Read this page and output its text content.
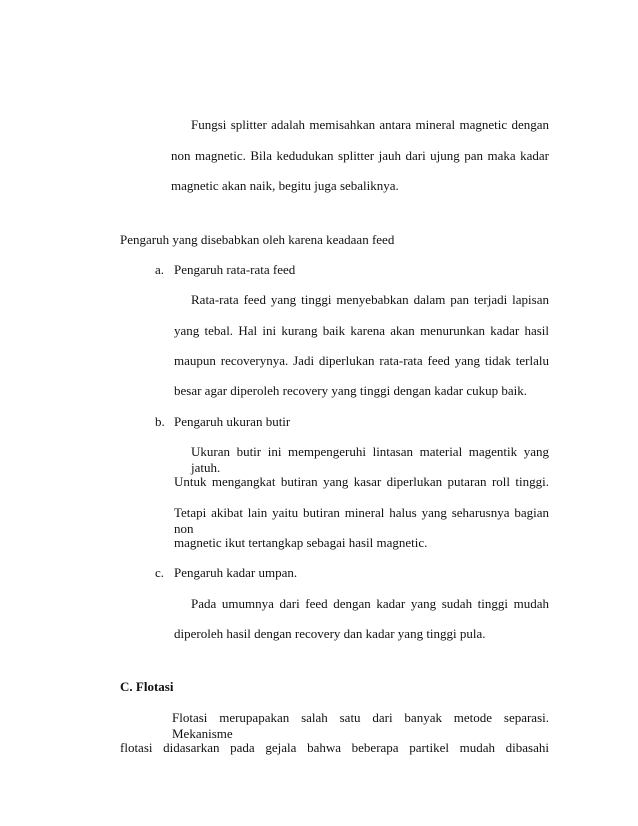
Fungsi splitter adalah memisahkan antara mineral magnetic dengan
non magnetic. Bila kedudukan splitter jauh dari ujung pan maka kadar
magnetic akan naik, begitu juga sebaliknya.
Pengaruh yang disebabkan oleh karena keadaan feed
a. Pengaruh rata-rata feed
Rata-rata feed yang tinggi menyebabkan dalam pan terjadi lapisan
yang tebal. Hal ini kurang baik karena akan menurunkan kadar hasil
maupun recoverynya. Jadi diperlukan rata-rata feed yang tidak terlalu
besar agar diperoleh recovery yang tinggi dengan kadar cukup baik.
b. Pengaruh ukuran butir
Ukuran butir ini mempengeruhi lintasan material magentik yang jatuh.
Untuk mengangkat butiran yang kasar diperlukan putaran roll tinggi.
Tetapi akibat lain yaitu butiran mineral halus yang seharusnya bagian non
magnetic ikut tertangkap sebagai hasil magnetic.
c. Pengaruh kadar umpan.
Pada umumnya dari feed dengan kadar yang sudah tinggi mudah
diperoleh hasil dengan recovery dan kadar yang tinggi pula.
C. Flotasi
Flotasi merupapakan salah satu dari banyak metode separasi. Mekanisme
flotasi didasarkan pada gejala bahwa beberapa partikel mudah dibasahi
